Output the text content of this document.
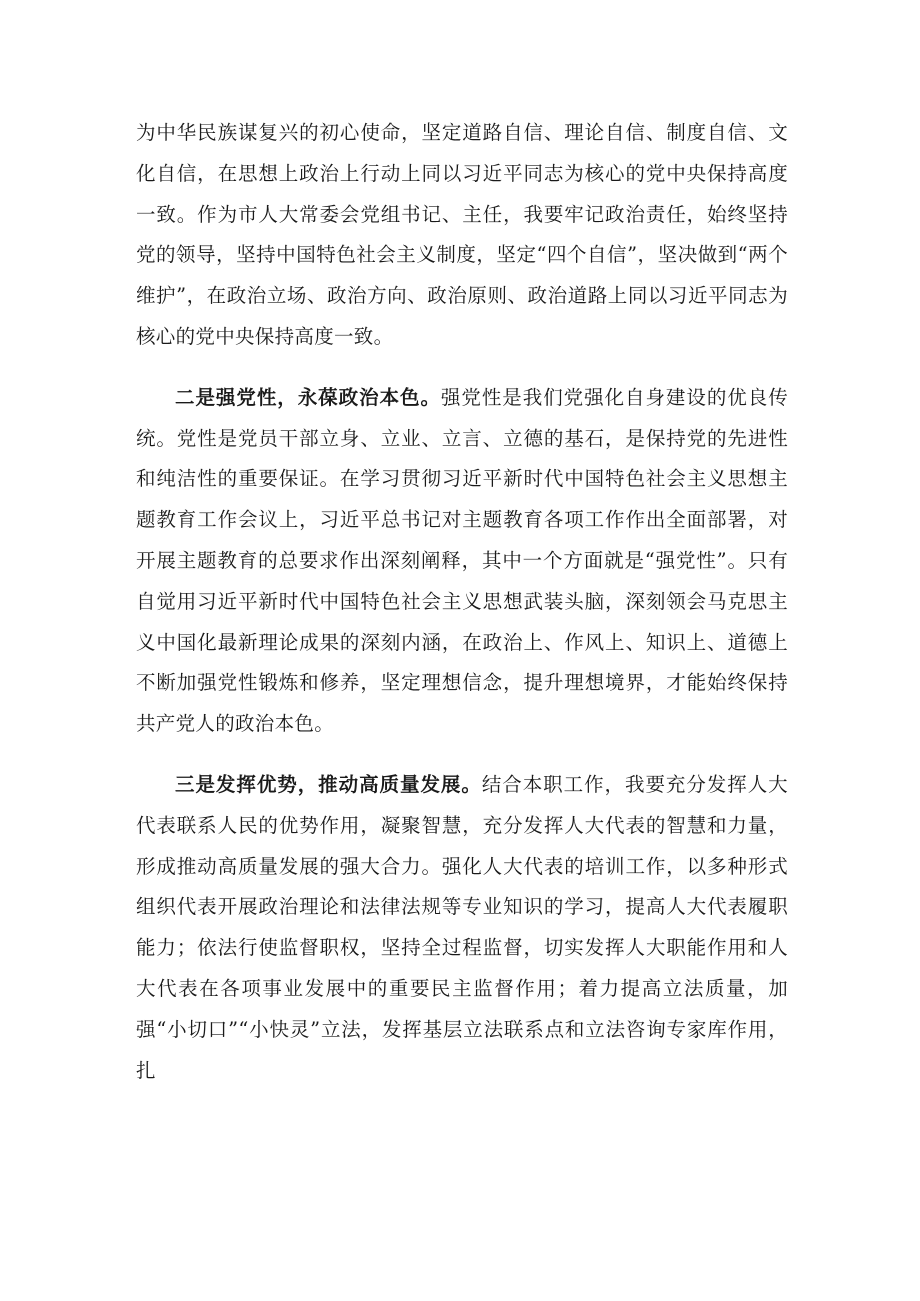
为中华民族谋复兴的初心使命，坚定道路自信、理论自信、制度自信、文化自信，在思想上政治上行动上同以习近平同志为核心的党中央保持高度一致。作为市人大常委会党组书记、主任，我要牢记政治责任，始终坚持党的领导，坚持中国特色社会主义制度，坚定“四个自信”，坚决做到“两个维护”，在政治立场、政治方向、政治原则、政治道路上同以习近平同志为核心的党中央保持高度一致。

二是强党性，永葆政治本色。强党性是我们党强化自身建设的优良传统。党性是党员干部立身、立业、立言、立德的基石，是保持党的先进性和纯洁性的重要保证。在学习贯彻习近平新时代中国特色社会主义思想主题教育工作会议上，习近平总书记对主题教育各项工作作出全面部署，对开展主题教育的总要求作出深刻阐释，其中一个方面就是“强党性”。只有自觉用习近平新时代中国特色社会主义思想武装头脑，深刻领会马克思主义中国化最新理论成果的深刻内涵，在政治上、作风上、知识上、道德上不断加强党性锻炼和修养，坚定理想信念，提升理想境界，才能始终保持共产党人的政治本色。

三是发挥优势，推动高质量发展。结合本职工作，我要充分发挥人大代表联系人民的优势作用，凝聚智慧，充分发挥人大代表的智慧和力量，形成推动高质量发展的强大合力。强化人大代表的培训工作，以多种形式组织代表开展政治理论和法律法规等专业知识的学习，提高人大代表履职能力；依法行使监督职权，坚持全过程监督，切实发挥人大职能作用和人大代表在各项事业发展中的重要民主监督作用；着力提高立法质量，加强“小切口”“小快灵”立法，发挥基层立法联系点和立法咨询专家库作用，扎
